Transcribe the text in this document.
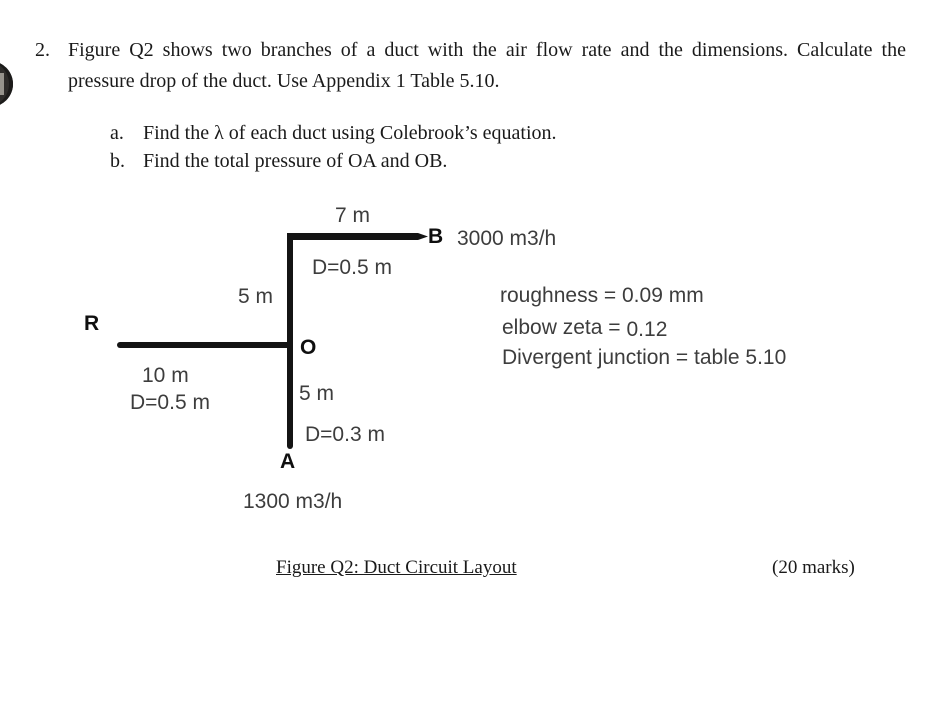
2. Figure Q2 shows two branches of a duct with the air flow rate and the dimensions. Calculate the pressure drop of the duct. Use Appendix 1 Table 5.10.
a. Find the λ of each duct using Colebrook’s equation.
b. Find the total pressure of OA and OB.
R
O
A
B
7 m
D=0.5 m
5 m
10 m
D=0.5 m	5 m
D=0.3 m
3000 m3/h
1300 m3/h
roughness = 0.09 mm
elbow zeta = 0.12
Divergent junction = table 5.10
Figure Q2: Duct Circuit Layout	(20 marks)
